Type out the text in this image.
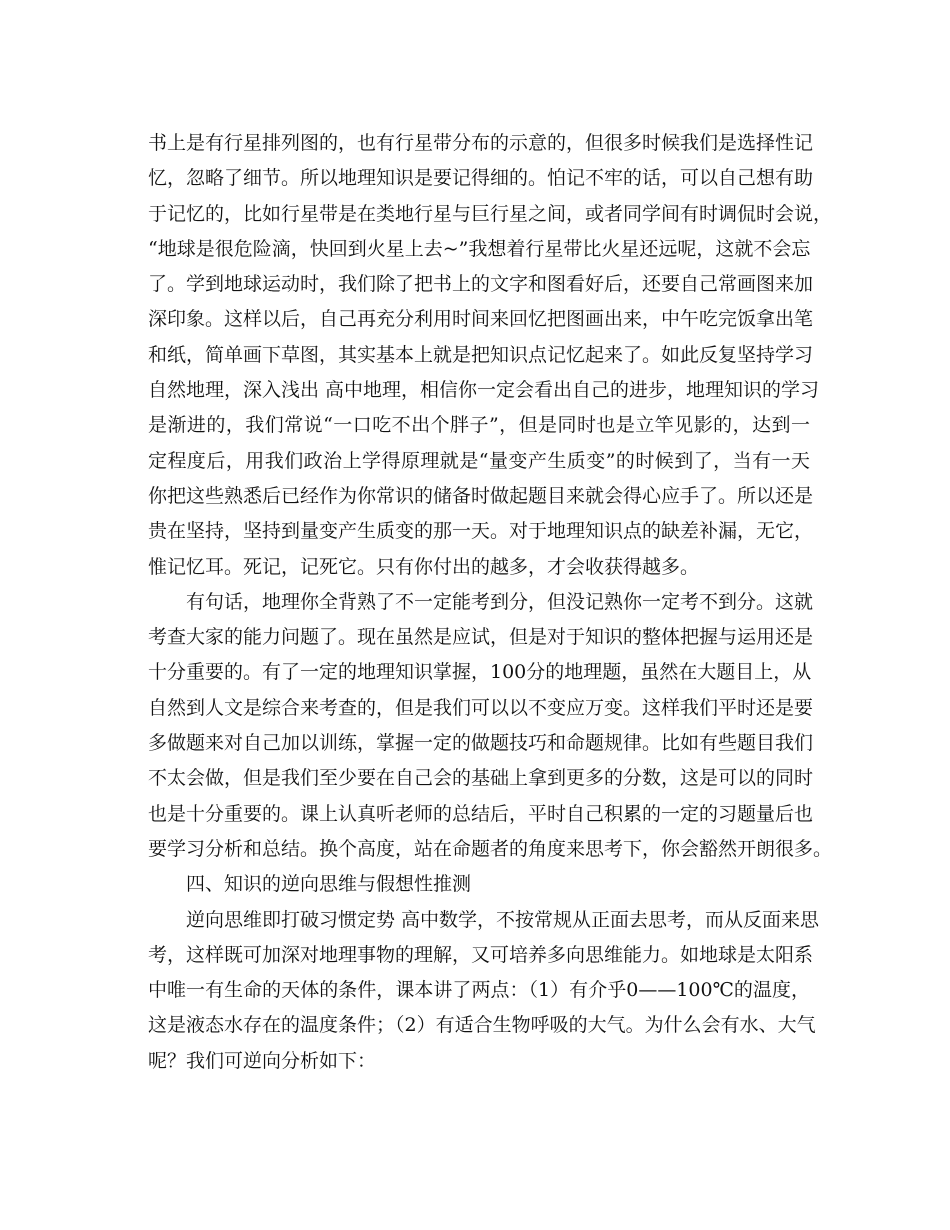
书上是有行星排列图的，也有行星带分布的示意的，但很多时候我们是选择性记
忆，忽略了细节。所以地理知识是要记得细的。怕记不牢的话，可以自己想有助
于记忆的，比如行星带是在类地行星与巨行星之间，或者同学间有时调侃时会说，
“地球是很危险滴，快回到火星上去~”我想着行星带比火星还远呢，这就不会忘
了。学到地球运动时，我们除了把书上的文字和图看好后，还要自己常画图来加
深印象。这样以后，自己再充分利用时间来回忆把图画出来，中午吃完饭拿出笔
和纸，简单画下草图，其实基本上就是把知识点记忆起来了。如此反复坚持学习
自然地理，深入浅出 高中地理，相信你一定会看出自己的进步，地理知识的学习
是渐进的，我们常说“一口吃不出个胖子”，但是同时也是立竿见影的，达到一
定程度后，用我们政治上学得原理就是“量变产生质变”的时候到了，当有一天
你把这些熟悉后已经作为你常识的储备时做起题目来就会得心应手了。所以还是
贵在坚持，坚持到量变产生质变的那一天。对于地理知识点的缺差补漏，无它，
惟记忆耳。死记，记死它。只有你付出的越多，才会收获得越多。
有句话，地理你全背熟了不一定能考到分，但没记熟你一定考不到分。这就
考查大家的能力问题了。现在虽然是应试，但是对于知识的整体把握与运用还是
十分重要的。有了一定的地理知识掌握，100分的地理题，虽然在大题目上，从
自然到人文是综合来考查的，但是我们可以以不变应万变。这样我们平时还是要
多做题来对自己加以训练，掌握一定的做题技巧和命题规律。比如有些题目我们
不太会做，但是我们至少要在自己会的基础上拿到更多的分数，这是可以的同时
也是十分重要的。课上认真听老师的总结后，平时自己积累的一定的习题量后也
要学习分析和总结。换个高度，站在命题者的角度来思考下，你会豁然开朗很多。
四、知识的逆向思维与假想性推测
逆向思维即打破习惯定势 高中数学，不按常规从正面去思考，而从反面来思
考，这样既可加深对地理事物的理解，又可培养多向思维能力。如地球是太阳系
中唯一有生命的天体的条件，课本讲了两点：（1）有介乎0——100℃的温度，
这是液态水存在的温度条件；（2）有适合生物呼吸的大气。为什么会有水、大气
呢？我们可逆向分析如下：
